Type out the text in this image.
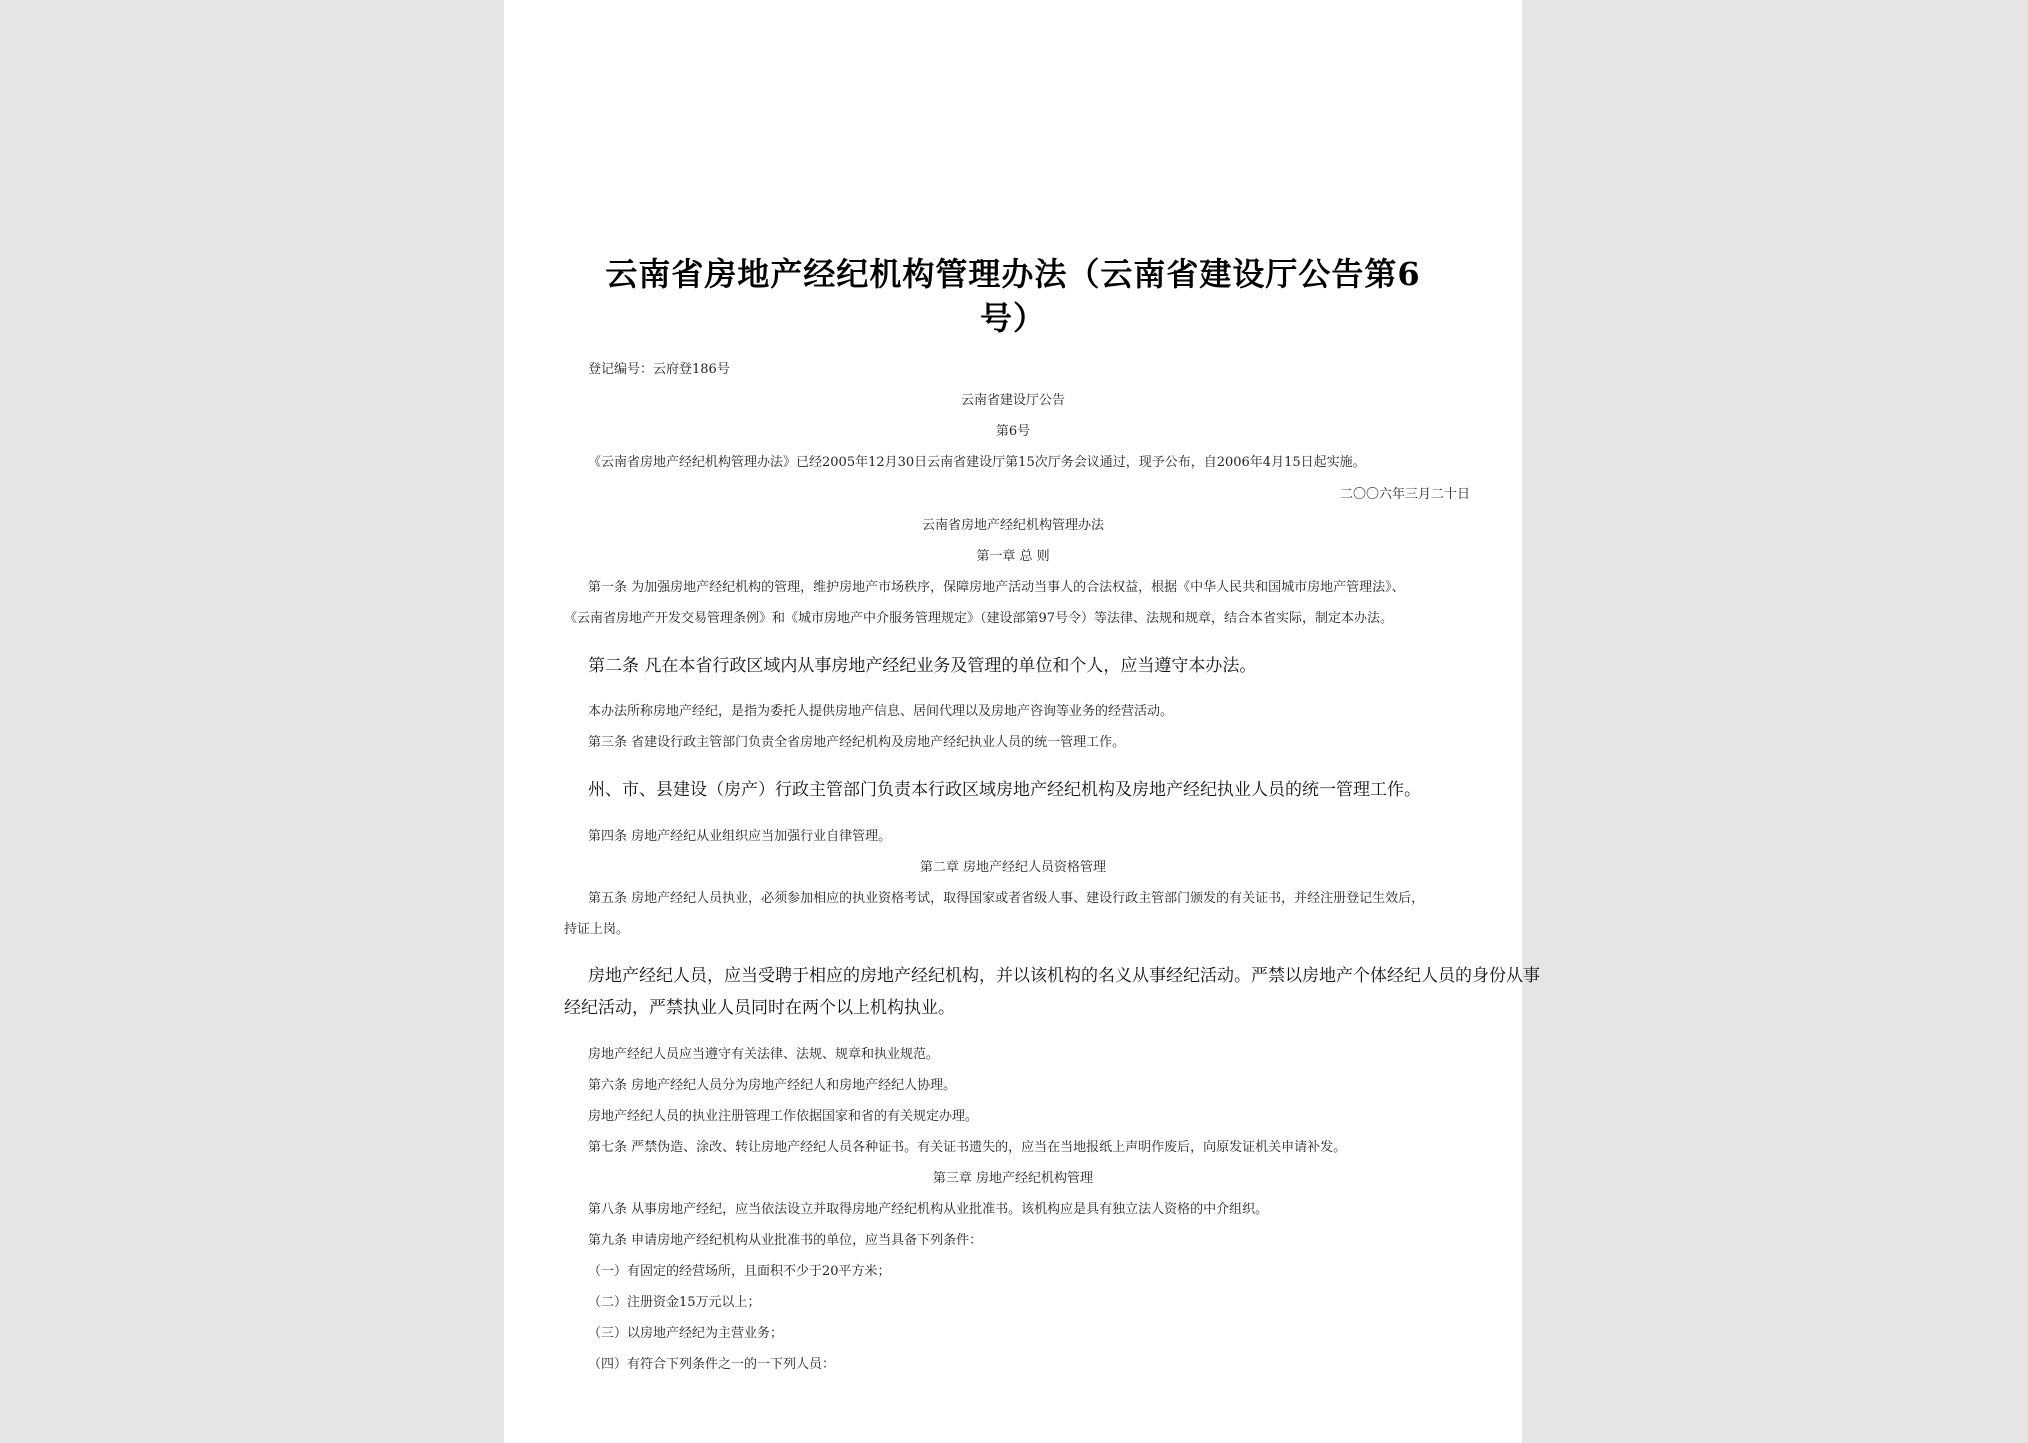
云南省房地产经纪机构管理办法（云南省建设厅公告第6
号）
登记编号：云府登186号
云南省建设厅公告
第6号
《云南省房地产经纪机构管理办法》已经2005年12月30日云南省建设厅第15次厅务会议通过，现予公布，自2006年4月15日起实施。
二〇〇六年三月二十日
云南省房地产经纪机构管理办法
第一章 总 则
第一条 为加强房地产经纪机构的管理，维护房地产市场秩序，保障房地产活动当事人的合法权益，根据《中华人民共和国城市房地产管理法》、
《云南省房地产开发交易管理条例》和《城市房地产中介服务管理规定》（建设部第97号令）等法律、法规和规章，结合本省实际，制定本办法。
第二条 凡在本省行政区域内从事房地产经纪业务及管理的单位和个人，应当遵守本办法。
本办法所称房地产经纪，是指为委托人提供房地产信息、居间代理以及房地产咨询等业务的经营活动。
第三条 省建设行政主管部门负责全省房地产经纪机构及房地产经纪执业人员的统一管理工作。
州、市、县建设（房产）行政主管部门负责本行政区域房地产经纪机构及房地产经纪执业人员的统一管理工作。
第四条 房地产经纪从业组织应当加强行业自律管理。
第二章 房地产经纪人员资格管理
第五条 房地产经纪人员执业，必须参加相应的执业资格考试，取得国家或者省级人事、建设行政主管部门颁发的有关证书，并经注册登记生效后，
持证上岗。
房地产经纪人员，应当受聘于相应的房地产经纪机构，并以该机构的名义从事经纪活动。严禁以房地产个体经纪人员的身份从事
经纪活动，严禁执业人员同时在两个以上机构执业。
房地产经纪人员应当遵守有关法律、法规、规章和执业规范。
第六条 房地产经纪人员分为房地产经纪人和房地产经纪人协理。
房地产经纪人员的执业注册管理工作依据国家和省的有关规定办理。
第七条 严禁伪造、涂改、转让房地产经纪人员各种证书。有关证书遗失的，应当在当地报纸上声明作废后，向原发证机关申请补发。
第三章 房地产经纪机构管理
第八条 从事房地产经纪，应当依法设立并取得房地产经纪机构从业批准书。该机构应是具有独立法人资格的中介组织。
第九条 申请房地产经纪机构从业批准书的单位，应当具备下列条件：
（一）有固定的经营场所，且面积不少于20平方米；
（二）注册资金15万元以上；
（三）以房地产经纪为主营业务；
（四）有符合下列条件之一的一下列人员：
